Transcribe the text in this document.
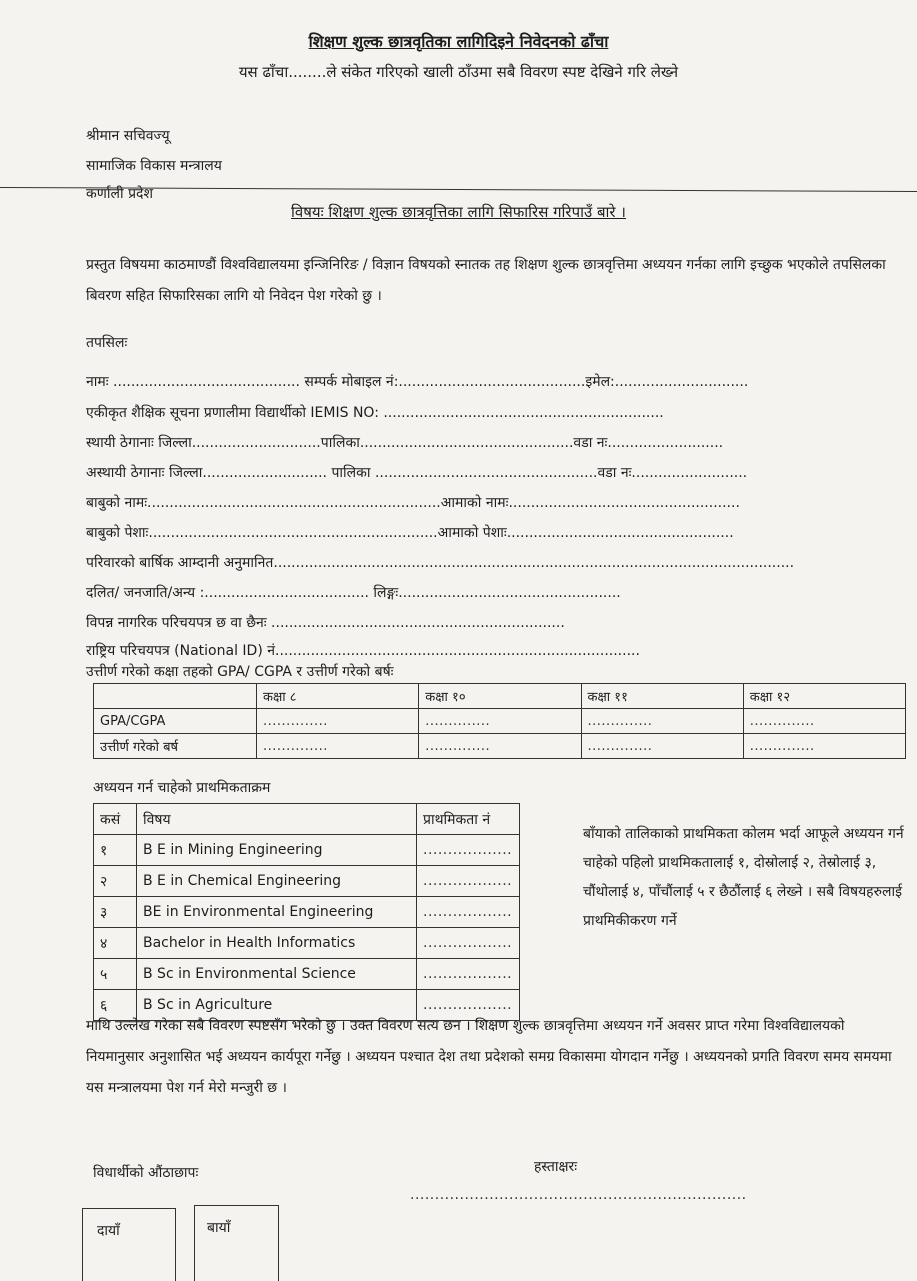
शिक्षण शुल्क छात्रवृतिका लागिदिइने निवेदनको ढाँचा
यस ढाँचा........ले संकेत गरिएको खाली ठाँउमा सबै विवरण स्पष्ट देखिने गरि लेख्ने
श्रीमान सचिवज्यू
सामाजिक विकास मन्त्रालय
कर्णाली प्रदेश
विषयः शिक्षण शुल्क छात्रवृत्तिका लागि सिफारिस गरिपाउँ बारे ।
प्रस्तुत विषयमा काठमाण्डौं विश्वविद्यालयमा इन्जिनिरिङ / विज्ञान विषयको स्नातक तह शिक्षण शुल्क छात्रवृत्तिमा अध्ययन गर्नका लागि इच्छुक भएकोले तपसिलका बिवरण सहित सिफारिसका लागि यो निवेदन पेश गरेको छु ।
तपसिलः
नामः .......................................... सम्पर्क मोबाइल नं:..........................................इमेल:..............................
एकीकृत शैक्षिक सूचना प्रणालीमा विद्यार्थीको IEMIS NO: ...............................................................
स्थायी ठेगानाः जिल्ला.............................पालिका................................................वडा नः..........................
अस्थायी ठेगानाः जिल्ला............................ पालिका ..................................................वडा नः..........................
बाबुको नामः..................................................................आमाको नामः....................................................
बाबुको पेशाः.................................................................आमाको पेशाः...................................................
परिवारको बार्षिक आम्दानी अनुमानित.....................................................................................................................
दलित/ जनजाति/अन्य :..................................... लिङ्गः..................................................
विपन्न नागरिक परिचयपत्र छ वा छैनः ..................................................................
राष्ट्रिय परिचयपत्र (National ID) नं..................................................................................
उत्तीर्ण गरेको कक्षा तहको GPA/ CGPA र उत्तीर्ण गरेको बर्षः
	कक्षा ८	कक्षा १०	कक्षा ११	कक्षा १२
GPA/CGPA	..............	..............	..............	..............
उत्तीर्ण गरेको बर्ष	..............	..............	..............	..............
अध्ययन गर्न चाहेको प्राथमिकताक्रम
कसं	विषय	प्राथमिकता नं
१	B E in Mining Engineering	..................
२	B E in Chemical Engineering	..................
३	BE in Environmental Engineering	..................
४	Bachelor in Health Informatics	..................
५	B Sc in Environmental Science	..................
६	B Sc in Agriculture	..................
बाँयाको तालिकाको प्राथमिकता कोलम भर्दा आफूले अध्ययन गर्न चाहेको पहिलो प्राथमिकतालाई १, दोस्रोलाई २, तेस्रोलाई ३, चौंथोलाई ४, पाँचौंलाई ५ र छैठौंलाई ६ लेख्ने । सबै विषयहरुलाई प्राथमिकीकरण गर्ने
माथि उल्लेख गरेका सबै विवरण स्पष्टसँग भरेको छु । उक्त विवरण सत्य छन । शिक्षण शुल्क छात्रवृत्तिमा अध्ययन गर्ने अवसर प्राप्त गरेमा विश्वविद्यालयको नियमानुसार अनुशासित भई अध्ययन कार्यपूरा गर्नेछु । अध्ययन पश्चात देश तथा प्रदेशको समग्र विकासमा योगदान गर्नेछु । अध्ययनको प्रगति विवरण समय समयमा यस मन्त्रालयमा पेश गर्न मेरो मन्जुरी छ ।
विधार्थीको औंठाछापः	हस्ताक्षरः
....................................................................
दायाँ	बायाँ
